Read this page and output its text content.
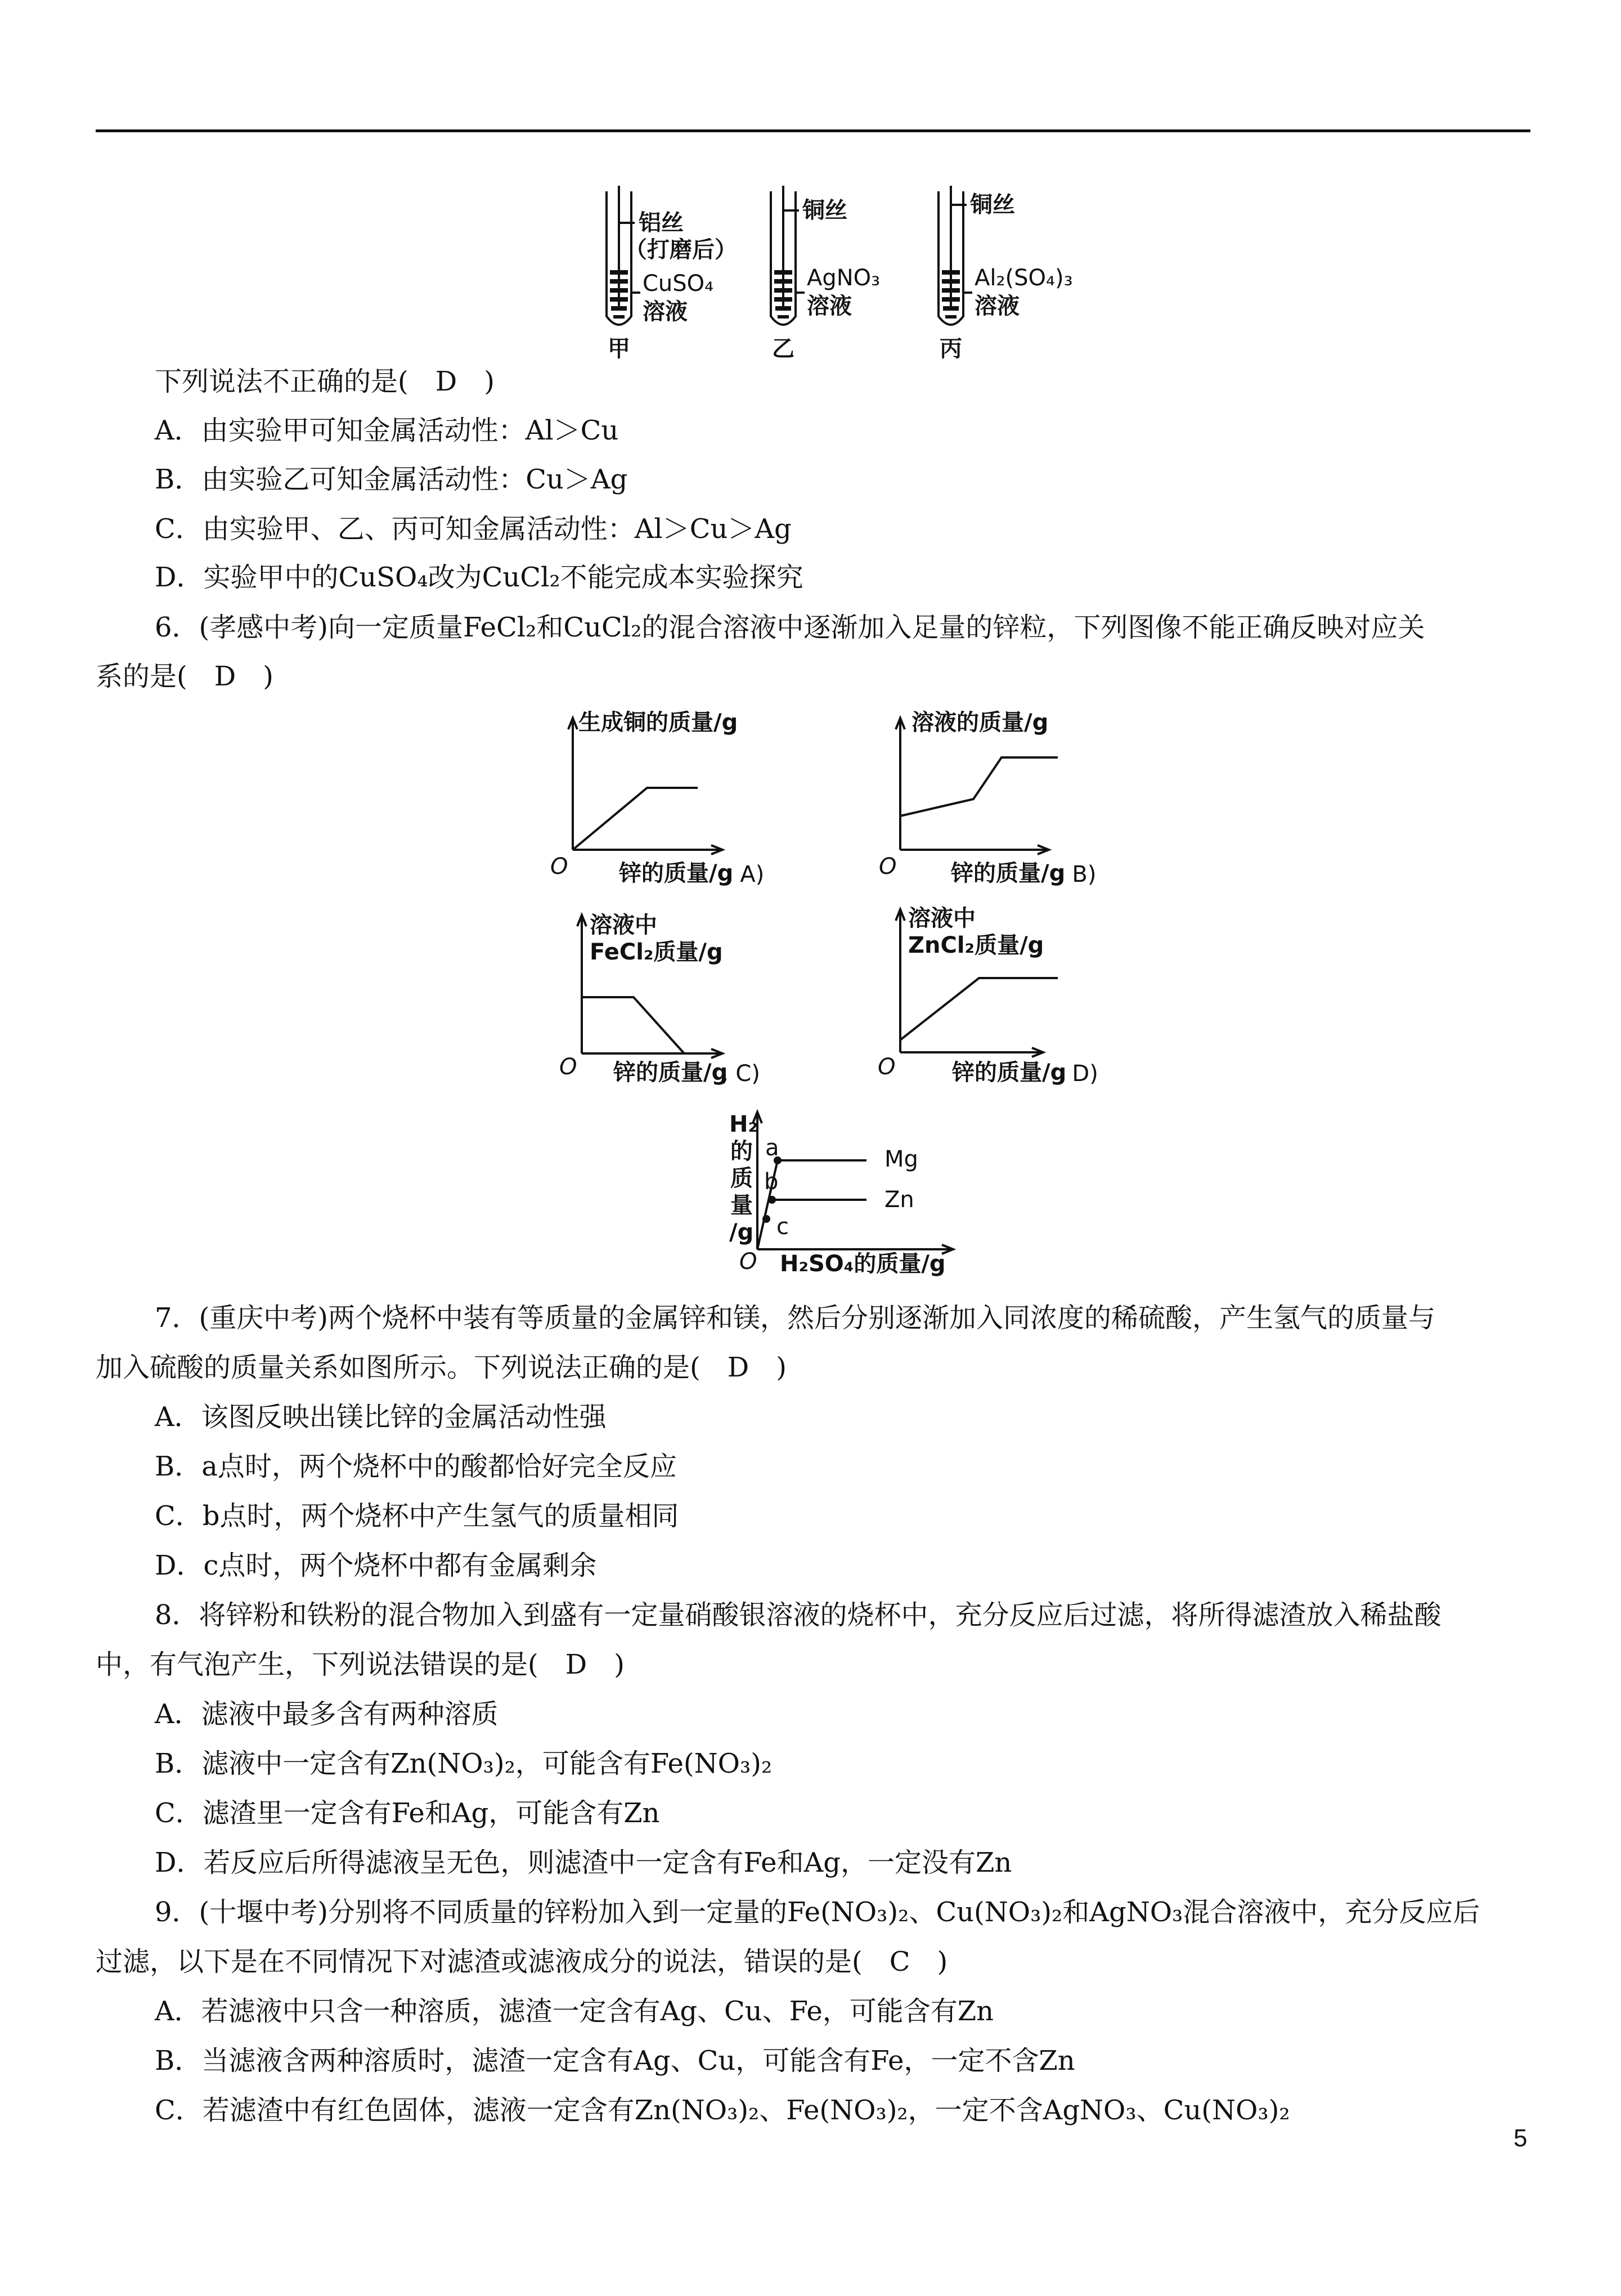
铝丝
（打磨后）
CuSO₄
溶液
甲
铜丝
AgNO₃
溶液
乙
铜丝
Al₂(SO₄)₃
溶液
丙
下列说法不正确的是(　D　)
A．由实验甲可知金属活动性：Al＞Cu
B．由实验乙可知金属活动性：Cu＞Ag
C．由实验甲、乙、丙可知金属活动性：Al＞Cu＞Ag
D．实验甲中的CuSO₄改为CuCl₂不能完成本实验探究
6．(孝感中考)向一定质量FeCl₂和CuCl₂的混合溶液中逐渐加入足量的锌粒，下列图像不能正确反映对应关
系的是(　D　)
生成铜的质量/g
O 锌的质量/g
, A)
溶液的质量/g
O 锌的质量/g
, B)
溶液中
FeCl₂质量/g
O 锌的质量/g
, C)
溶液中
ZnCl₂质量/g
O	锌的质量/g
, D)
H₂
的
质
量
/g
O H₂SO₄的质量/g
a
b
c
Mg
Zn
7．(重庆中考)两个烧杯中装有等质量的金属锌和镁，然后分别逐渐加入同浓度的稀硫酸，产生氢气的质量与
加入硫酸的质量关系如图所示。下列说法正确的是(　D　)
A．该图反映出镁比锌的金属活动性强
B．a点时，两个烧杯中的酸都恰好完全反应
C．b点时，两个烧杯中产生氢气的质量相同
D．c点时，两个烧杯中都有金属剩余
8．将锌粉和铁粉的混合物加入到盛有一定量硝酸银溶液的烧杯中，充分反应后过滤，将所得滤渣放入稀盐酸
中，有气泡产生，下列说法错误的是(　D　)
A．滤液中最多含有两种溶质
B．滤液中一定含有Zn(NO₃)₂，可能含有Fe(NO₃)₂
C．滤渣里一定含有Fe和Ag，可能含有Zn
D．若反应后所得滤液呈无色，则滤渣中一定含有Fe和Ag，一定没有Zn
9．(十堰中考)分别将不同质量的锌粉加入到一定量的Fe(NO₃)₂、Cu(NO₃)₂和AgNO₃混合溶液中，充分反应后
过滤，以下是在不同情况下对滤渣或滤液成分的说法，错误的是(　C　)
A．若滤液中只含一种溶质，滤渣一定含有Ag、Cu、Fe，可能含有Zn
B．当滤液含两种溶质时，滤渣一定含有Ag、Cu，可能含有Fe，一定不含Zn
C．若滤渣中有红色固体，滤液一定含有Zn(NO₃)₂、Fe(NO₃)₂，一定不含AgNO₃、Cu(NO₃)₂
5
